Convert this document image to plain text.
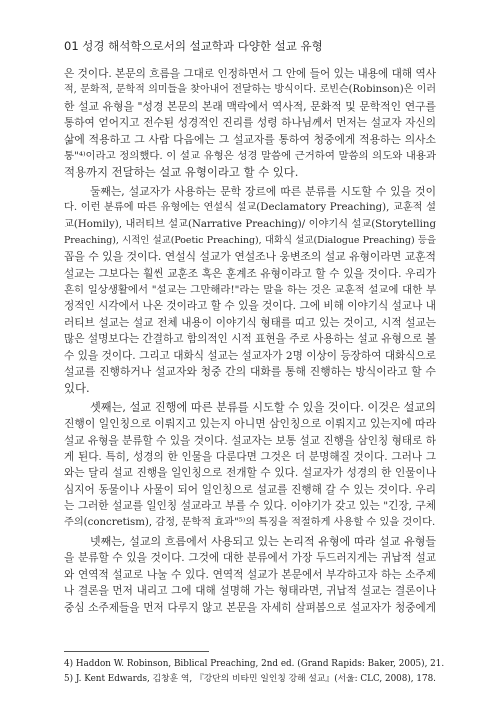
01 성경 해석학으로서의 설교학과 다양한 설교 유형
은 것이다. 본문의 흐름을 그대로 인정하면서 그 안에 들어 있는 내용에 대해 역사
적, 문화적, 문학적 의미들을 찾아내어 전달하는 방식이다. 로빈슨(Robinson)은 이러
한 설교 유형을 "성경 본문의 본래 맥락에서 역사적, 문화적 및 문학적인 연구를
통하여 얻어지고 전수된 성경적인 진리를 성령 하나님께서 먼저는 설교자 자신의
삶에 적용하고 그 사람 다음에는 그 설교자를 통하여 청중에게 적용하는 의사소
통"⁴⁾이라고 정의했다. 이 설교 유형은 성경 말씀에 근거하여 말씀의 의도와 내용과
적용까지 전달하는 설교 유형이라고 할 수 있다.
둘째는, 설교자가 사용하는 문학 장르에 따른 분류를 시도할 수 있을 것이
다. 이런 분류에 따른 유형에는 연설식 설교(Declamatory Preaching), 교훈적 설
교(Homily), 내러티브 설교(Narrative Preaching)/ 이야기식 설교(Storytelling
Preaching), 시적인 설교(Poetic Preaching), 대화식 설교(Dialogue Preaching) 등을
꼽을 수 있을 것이다. 연설식 설교가 연설조나 웅변조의 설교 유형이라면 교훈적
설교는 그보다는 훨씬 교훈조 혹은 훈계조 유형이라고 할 수 있을 것이다. 우리가
흔히 일상생활에서 "설교는 그만해라!"라는 말을 하는 것은 교훈적 설교에 대한 부
정적인 시각에서 나온 것이라고 할 수 있을 것이다. 그에 비해 이야기식 설교나 내
러티브 설교는 설교 전체 내용이 이야기식 형태를 띠고 있는 것이고, 시적 설교는
많은 설명보다는 간결하고 함의적인 시적 표현을 주로 사용하는 설교 유형으로 볼
수 있을 것이다. 그리고 대화식 설교는 설교자가 2명 이상이 등장하여 대화식으로
설교를 진행하거나 설교자와 청중 간의 대화를 통해 진행하는 방식이라고 할 수
있다.
셋째는, 설교 진행에 따른 분류를 시도할 수 있을 것이다. 이것은 설교의
진행이 일인칭으로 이뤄지고 있는지 아니면 삼인칭으로 이뤄지고 있는지에 따라
설교 유형을 분류할 수 있을 것이다. 설교자는 보통 설교 진행을 삼인칭 형태로 하
게 된다. 특히, 성경의 한 인물을 다룬다면 그것은 더 분명해질 것이다. 그러나 그
와는 달리 설교 진행을 일인칭으로 전개할 수 있다. 설교자가 성경의 한 인물이나
심지어 동물이나 사물이 되어 일인칭으로 설교를 진행해 갈 수 있는 것이다. 우리
는 그러한 설교를 일인칭 설교라고 부를 수 있다. 이야기가 갖고 있는 "긴장, 구체
주의(concretism), 감정, 문학적 효과"⁵⁾의 특징을 적절하게 사용할 수 있을 것이다.
넷째는, 설교의 흐름에서 사용되고 있는 논리적 유형에 따라 설교 유형들
을 분류할 수 있을 것이다. 그것에 대한 분류에서 가장 두드러지게는 귀납적 설교
와 연역적 설교로 나눌 수 있다. 연역적 설교가 본문에서 부각하고자 하는 소주제
나 결론을 먼저 내리고 그에 대해 설명해 가는 형태라면, 귀납적 설교는 결론이나
중심 소주제들을 먼저 다루지 않고 본문을 자세히 살펴봄으로 설교자가 청중에게
4) Haddon W. Robinson, Biblical Preaching, 2nd ed. (Grand Rapids: Baker, 2005), 21.
5) J. Kent Edwards, 김창훈 역, 『강단의 비타민 일인칭 강해 설교』(서울: CLC, 2008), 178.
